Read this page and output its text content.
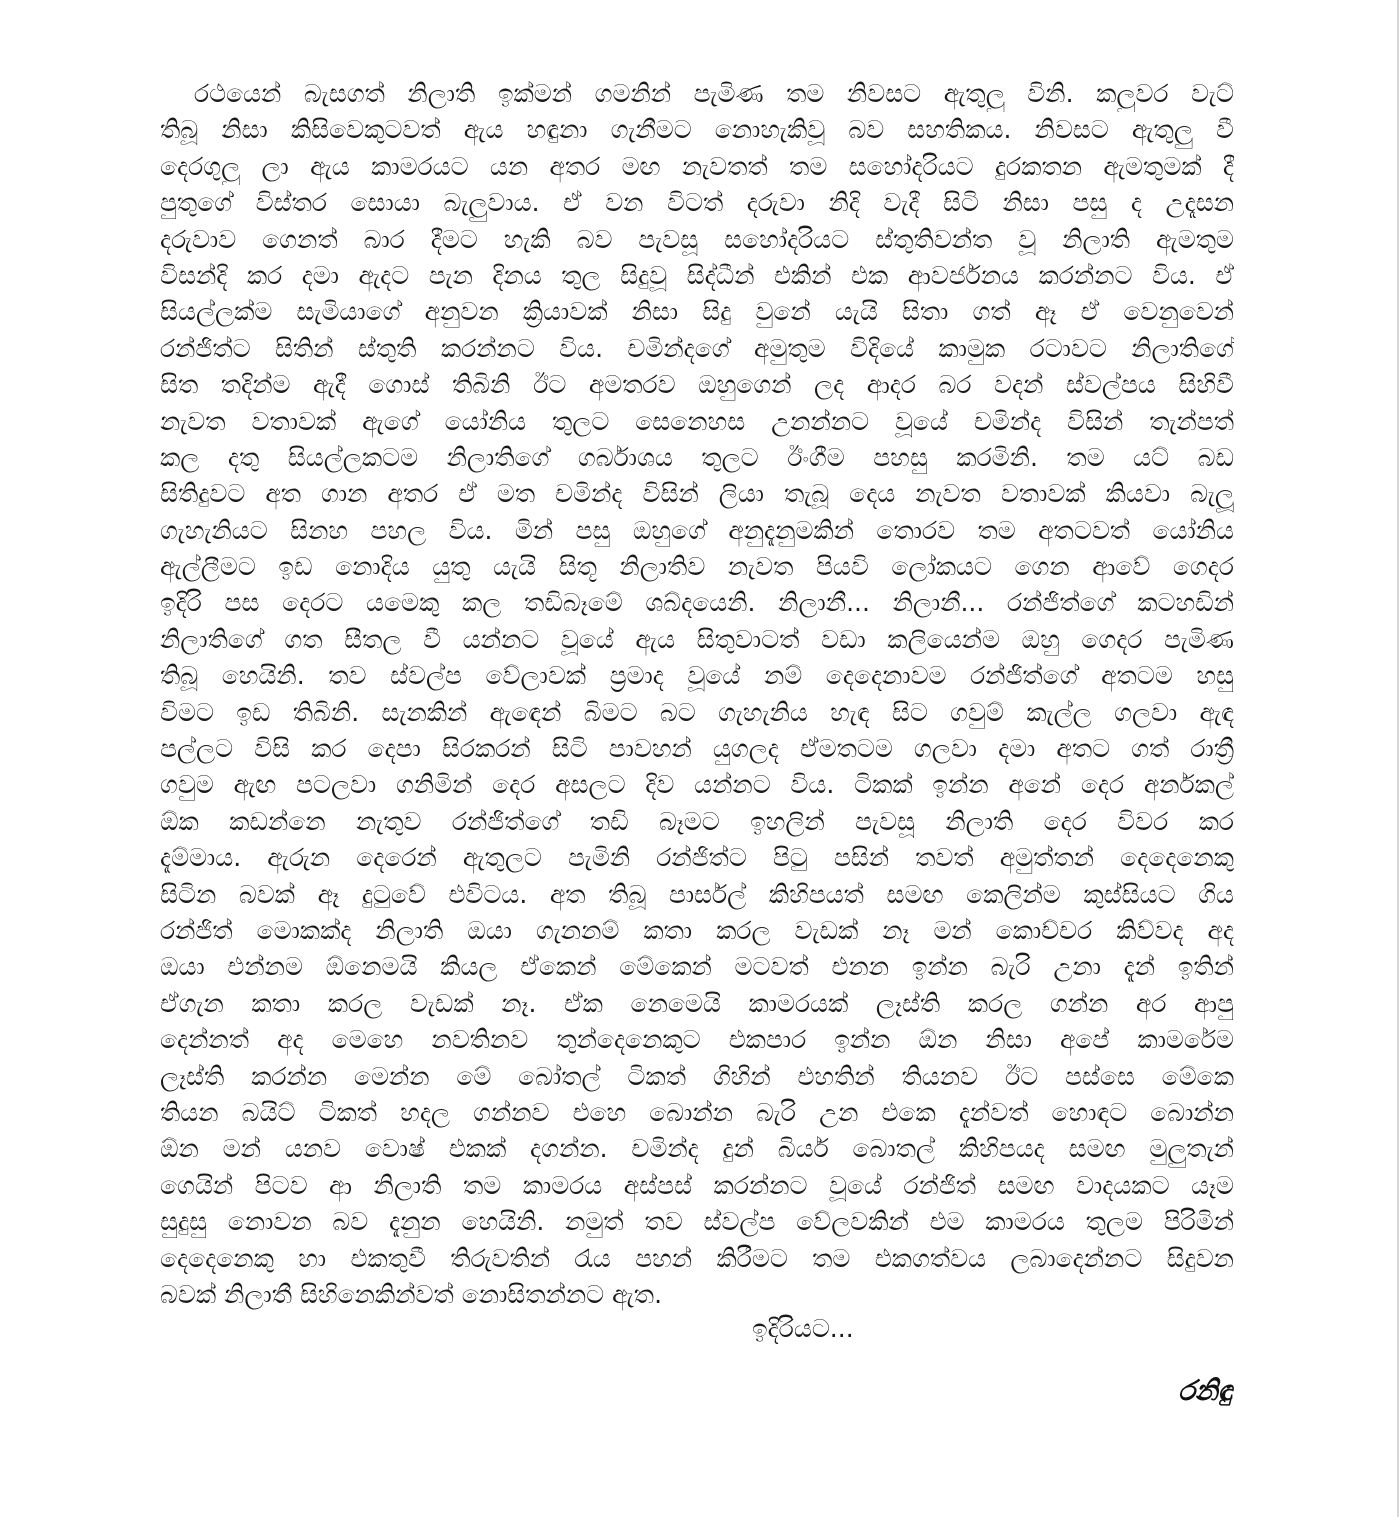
රථයෙන් බැසගත් නිලාති ඉක්මන් ගමනින් පැමිණ තම නිවසට ඇතුලු විනි. කලුවර වැට්
තිබූ නිසා කිසිවෙකුටවත් ඇය හඳුනා ගැනීමට නොහැකිවූ බව සහතිකය. නිවසට ඇතුලු වී
දෙරගුලු ලා ඇය කාමරයට යන අතර මඟ නැවතත් තම සහෝදරියට දුරකතන ඇමතුමක් දී
පුතුගේ විස්තර සොයා බැලුවාය. ඒ වන විටත් දරුවා නිදි වැදී සිටි නිසා පසු ද උදෑසන
දරුවාව ගෙනත් බාර දීමට හැකි බව පැවසූ සහෝදරියට ස්තුතිවන්ත වූ නිලාති ඇමතුම
විසන්දි කර දමා ඇදට පැන දිනය තුල සිදුවූ සිද්ධීන් එකින් එක ආවර්ජනය කරන්නට විය. ඒ
සියල්ලක්ම සැමියාගේ අනුවන ක්‍රියාවක් නිසා සිදු වුනේ යැයි සිතා ගත් ඈ ඒ වෙනුවෙන්
රන්ජිත්ට සිතින් ස්තුති කරන්නට විය. චමින්දගේ අමුතුම විදියේ කාමුක රටාවට නිලාතිගේ
සිත තදින්ම ඇදී ගොස් තිබිනි ඊට අමතරව ඔහුගෙන් ලද ආදර බර වදන් ස්වල්පය සිහිවී
නැවත වතාවක් ඇගේ යෝනිය තුලට සෙනෙහස උනන්නට වූයේ චමින්ද විසින් තැන්පත්
කල දතු සියල්ලකටම නිලාතිගේ ගර්බාශය තුලට ඊංගීම පහසු කරමිනි. තම යට් බඩ
සිතිදුවට අත ගාන අතර ඒ මත චමින්ද විසින් ලියා තැබූ දෙය නැවත වතාවක් කියවා බැලූ
ගැහැනියට සිනහ පහල විය. මින් පසු ඔහුගේ අනුදැනුමකින් තොරව තම අතටවත් යෝනිය
ඇල්ලීමට ඉඩ නොදිය යුතු යැයි සිතූ නිලාතිව නැවත පියවි ලෝකයට ගෙන ආවේ ගෙදර
ඉදිරි පස දෙරට යමෙකු කල තඩිබෑමේ ශබ්දයෙනි. නිලානී... නිලානී... රන්ජිත්ගේ කටහඩින්
නිලාතිගේ ගත සීතල වී යන්නට වූයේ ඇය සිතුවාටත් වඩා කලියෙන්ම ඔහු ගෙදර පැමිණ
තිබූ හෙයිනි. තව ස්වල්ප වේලාවක් ප්‍රමාද වූයේ නම් දෙදෙනාවම රන්ජිත්ගේ අතටම හසු
විමට ඉඩ තිබිනි. සැනකින් ඇඳෙන් බිමට බට ගැහැනිය හැඳ සිට ගවුම් කැල්ල ගලවා ඇඳ
පල්ලට විසි කර දෙපා සිරකරන් සිටි පාවහන් යුගලද ඒමතටම ගලවා දමා අතට ගත් රාත්‍රී
ගවුම ඇඟ පටලවා ගනිමින් දෙර අසලට දිව යන්නට විය. ටිකක් ඉන්න අනේ දෙර අර්නකල්
ඕක කඩන්නෙ නැතුව රන්ජිත්ගේ තඩි බෑමට ඉහලින් පැවසූ නිලාති දෙර විවර කර
දැම්මාය. ඇරුන දෙරෙන් ඇතුලට පැමිනි රන්ජිත්ට පිටු පසින් තවත් අමුත්තන් දෙදෙනෙකු
සිටින බවක් ඈ දුටුවේ එවිටය. අත තිබූ පාර්සල් කිහිපයත් සමඟ කෙලින්ම කුස්සියට ගිය
රන්ජිත් මොකක්ද නිලාති ඔයා ගැනනම් කතා කරල වැඩක් නෑ මන් කොච්චර කිව්වද අද
ඔයා එන්නම ඕනෙමයි කියල ඒකෙන් මේකෙන් මටවත් එනන ඉන්න බැරි උනා දැන් ඉතින්
ඒගැන කතා කරල වැඩක් නෑ. ඒක නෙමෙයි කාමරයක් ලෑස්ති කරල ගන්න අර ආපු
දෙන්නත් අද මෙහෙ නවතිනව තුන්දෙනෙකුට එකපාර ඉන්න ඕන නිසා අපේ කාමරේම
ලෑස්ති කරන්න මෙන්න මේ බෝතල් ටිකත් ගිහින් එහතින් තියනව ඊට පස්සෙ මේකෙ
තියන බයිට් ටිකත් හදල ගන්නව එහෙ බොන්න බැරි උන එකෙ දැන්වත් හොඳට බොන්න
ඕන මන් යනව වොෂ් එකක් දගන්න. චමින්ද දුන් බියර් බොතල් කිහිපයද සමඟ මුලුතැන්
ගෙයින් පිටව ආ නිලාති තම කාමරය අස්පස් කරන්නට වූයේ රන්ජිත් සමඟ වාදයකට යෑම
සුදුසු නොවන බව දැනුන හෙයිනි. නමුත් තව ස්වල්ප වේලවකින් එම කාමරය තුලම පිරිමින්
දෙදෙනෙකු හා එකතුවී තිරුවතින් රැය පහන් කිරීමට තම එකගත්වය ලබාදෙන්නට සිදුවන
බවක් නිලාතී සිහිනෙකින්වත් නොසිතන්නට ඇත.
ඉදිරියට...
රනිඳු
